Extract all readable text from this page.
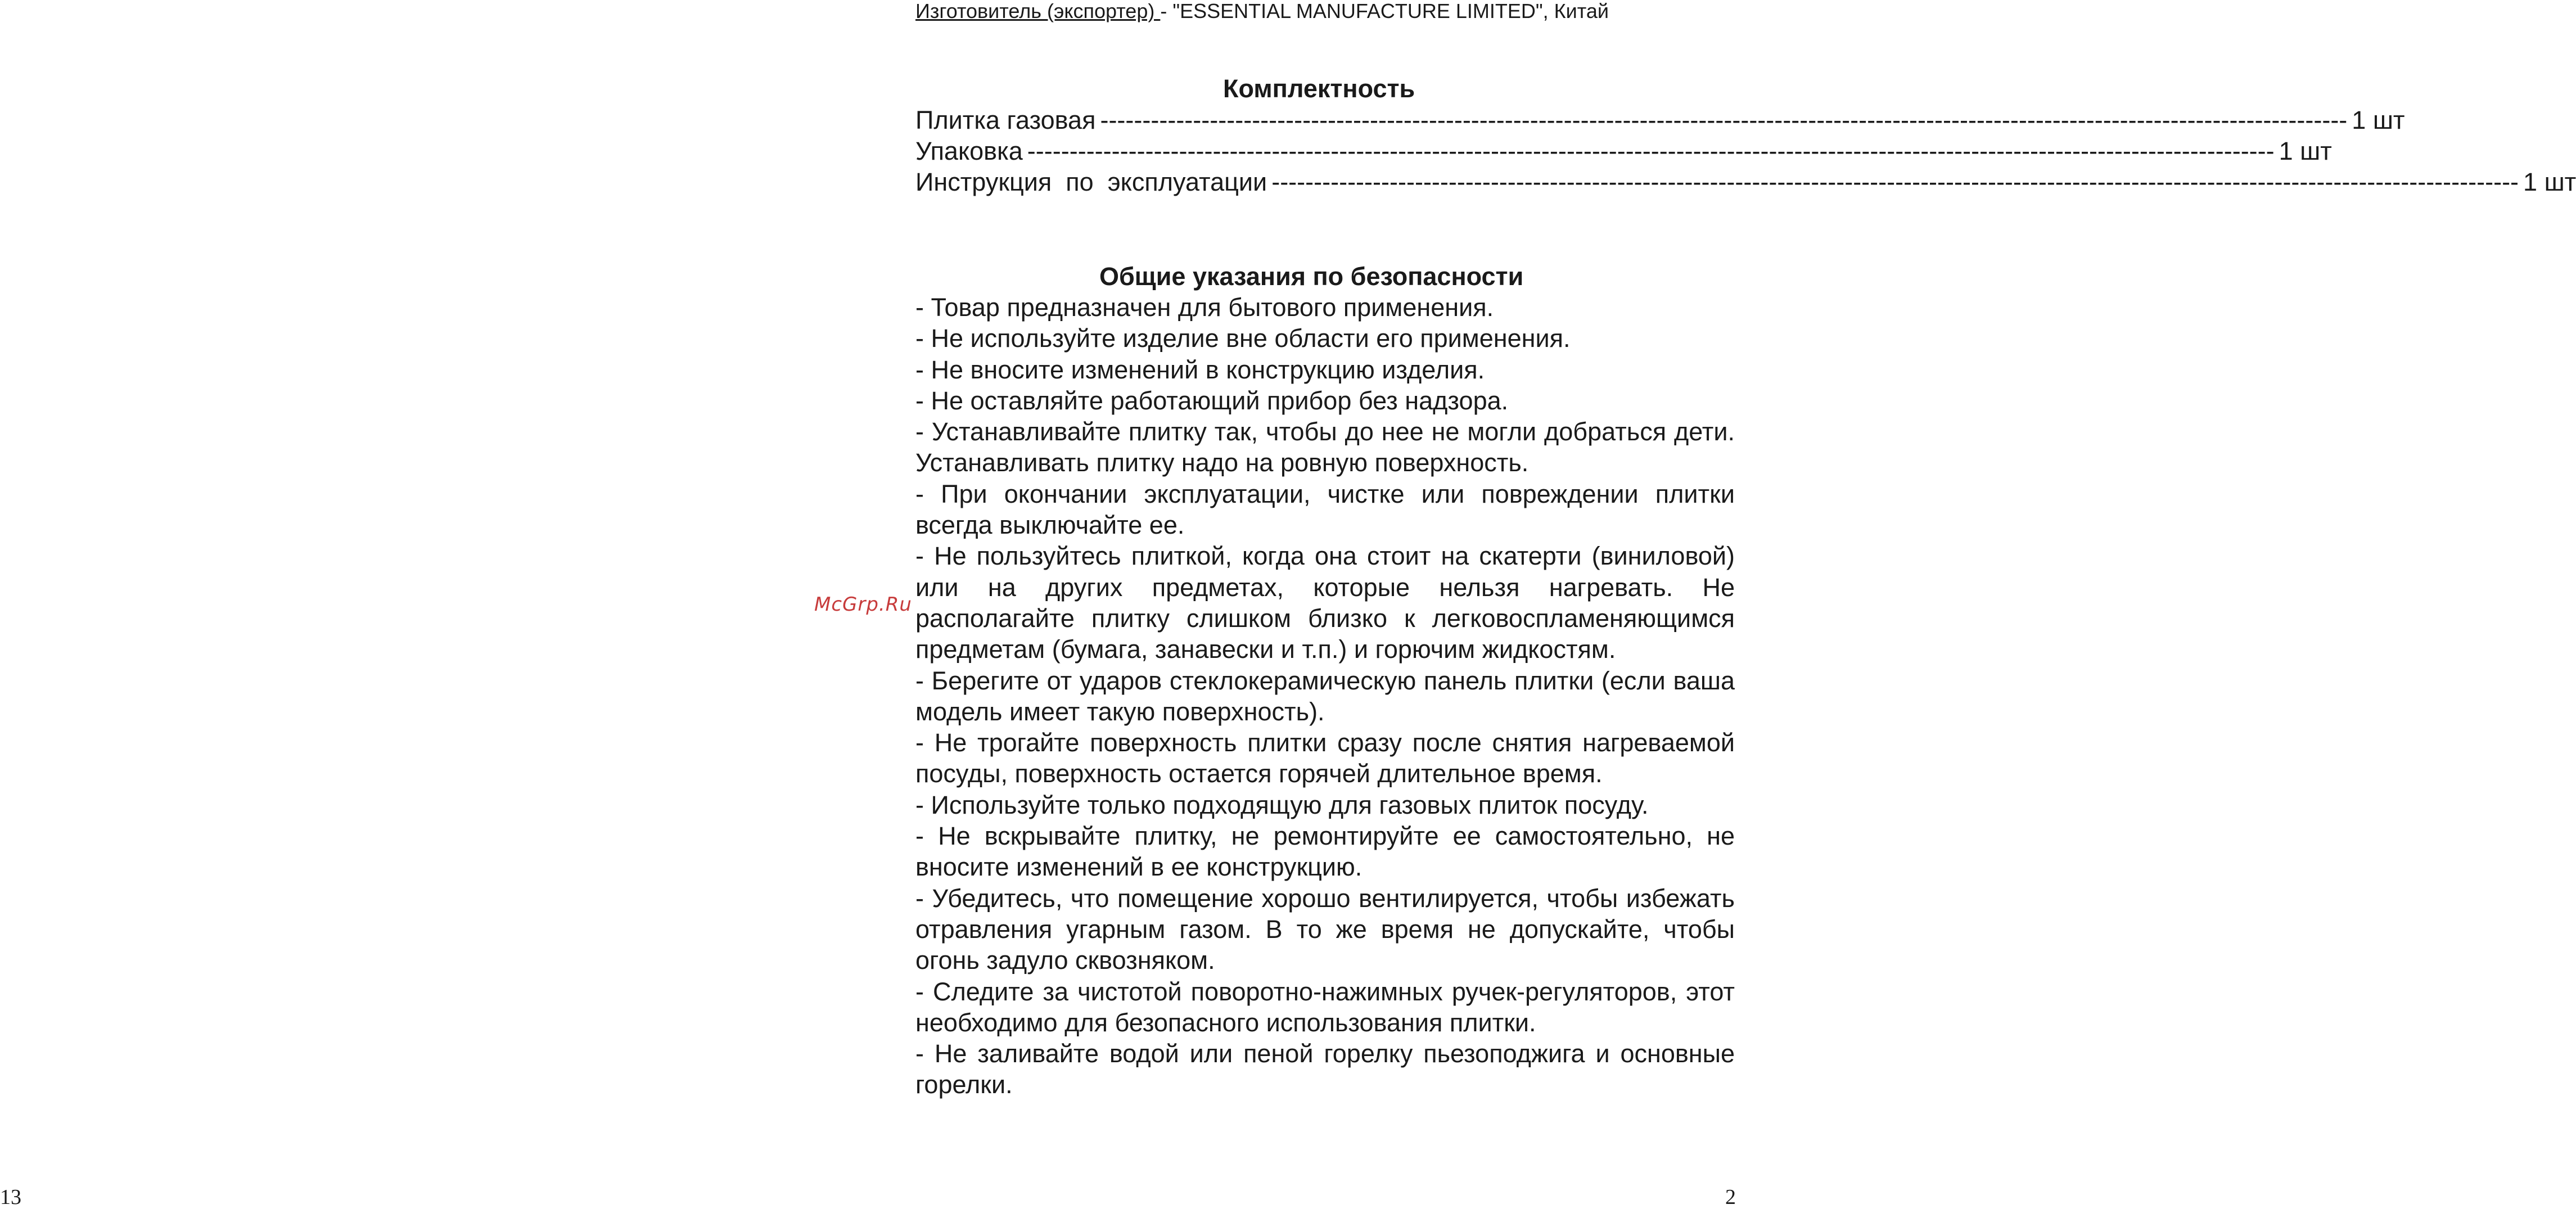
13	2
McGrp.Ru
Изготовитель (экспортер) - "ESSENTIAL MANUFACTURE LIMITED", Китай
Комплектность
Плитка газовая -----	1 шт
Упаковка -----	1 шт
Инструкция  по  эксплуатации -----	1 шт
Общие указания по безопасности

- Товар предназначен для бытового применения.

- Не используйте изделие вне области его применения.

- Не вносите изменений в конструкцию изделия.

- Не оставляйте работающий прибор без надзора.

- Устанавливайте плитку так, чтобы до нее не могли добраться дети. Устанавливать плитку надо на ровную поверхность.

- При окончании эксплуатации, чистке или повреждении плитки всегда выключайте ее.

- Не пользуйтесь плиткой, когда она стоит на скатерти (виниловой) или на других предметах, которые нельзя нагревать. Не располагайте плитку слишком близко к легковоспламеняющимся предметам (бумага, занавески и т.п.) и горючим жидкостям.

- Берегите от ударов стеклокерамическую панель плитки (если ваша модель имеет такую поверхность).

- Не трогайте поверхность плитки сразу после снятия нагреваемой посуды, поверхность остается горячей длительное время.

- Используйте только подходящую для газовых плиток посуду.

- Не вскрывайте плитку, не ремонтируйте ее самостоятельно, не вносите изменений в ее конструкцию.

- Убедитесь, что помещение хорошо вентилируется, чтобы избежать отравления угарным газом. В то же время не допускайте, чтобы огонь задуло сквозняком.

- Следите за чистотой поворотно-нажимных ручек-регуляторов, этот необходимо для безопасного использования плитки.

- Не заливайте водой или пеной горелку пьезоподжига и основные горелки.
